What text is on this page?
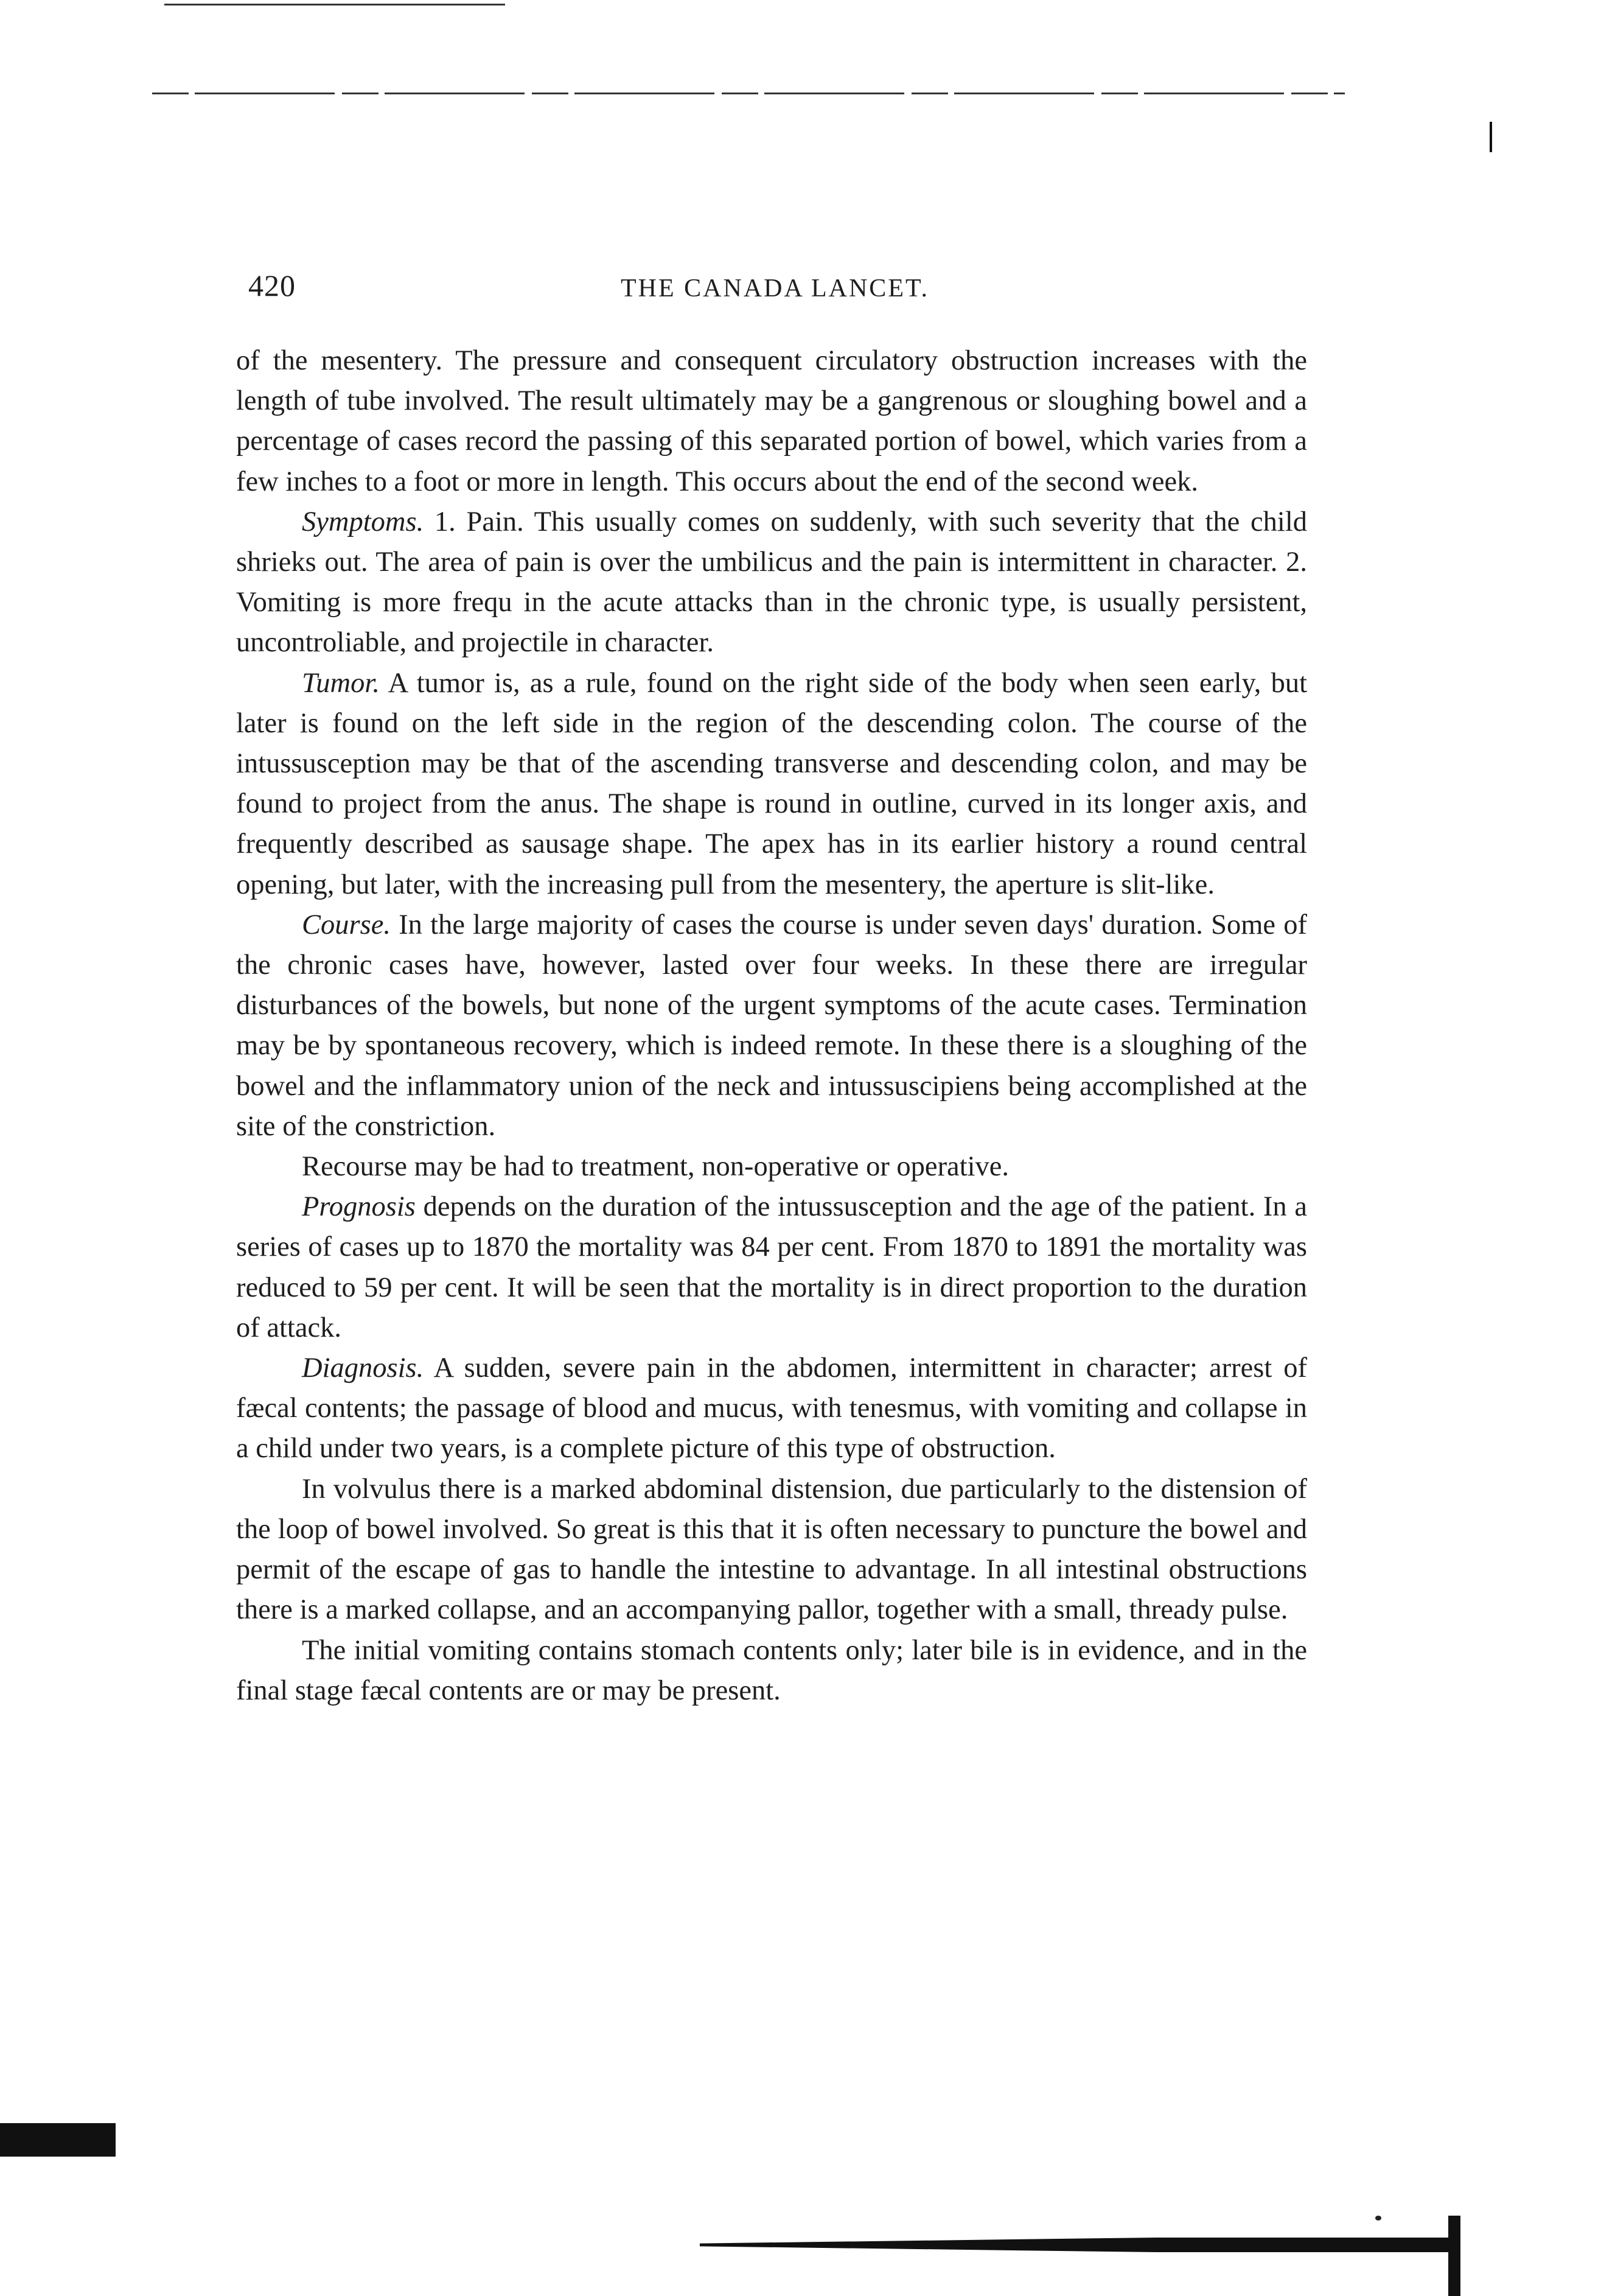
420	THE CANADA LANCET.

of the mesentery. The pressure and consequent circulatory obstruction increases with the length of tube involved. The result ultimately may be a gangrenous or sloughing bowel and a percentage of cases record the passing of this separated portion of bowel, which varies from a few inches to a foot or more in length. This occurs about the end of the second week.

Symptoms. 1. Pain. This usually comes on suddenly, with such severity that the child shrieks out. The area of pain is over the umbilicus and the pain is intermittent in character. 2. Vomiting is more frequ in the acute attacks than in the chronic type, is usually persistent, uncontroliable, and projectile in character.

Tumor. A tumor is, as a rule, found on the right side of the body when seen early, but later is found on the left side in the region of the descending colon. The course of the intussusception may be that of the ascending transverse and descending colon, and may be found to project from the anus. The shape is round in outline, curved in its longer axis, and frequently described as sausage shape. The apex has in its earlier history a round central opening, but later, with the increasing pull from the mesentery, the aperture is slit-like.

Course. In the large majority of cases the course is under seven days' duration. Some of the chronic cases have, however, lasted over four weeks. In these there are irregular disturbances of the bowels, but none of the urgent symptoms of the acute cases. Termination may be by spontaneous recovery, which is indeed remote. In these there is a sloughing of the bowel and the inflammatory union of the neck and intussuscipiens being accomplished at the site of the constriction.

Recourse may be had to treatment, non-operative or operative.

Prognosis depends on the duration of the intussusception and the age of the patient. In a series of cases up to 1870 the mortality was 84 per cent. From 1870 to 1891 the mortality was reduced to 59 per cent. It will be seen that the mortality is in direct proportion to the duration of attack.

Diagnosis. A sudden, severe pain in the abdomen, intermittent in character; arrest of fæcal contents; the passage of blood and mucus, with tenesmus, with vomiting and collapse in a child under two years, is a complete picture of this type of obstruction.

In volvulus there is a marked abdominal distension, due particularly to the distension of the loop of bowel involved. So great is this that it is often necessary to puncture the bowel and permit of the escape of gas to handle the intestine to advantage. In all intestinal obstructions there is a marked collapse, and an accompanying pallor, together with a small, thready pulse.

The initial vomiting contains stomach contents only; later bile is in evidence, and in the final stage fæcal contents are or may be present.
